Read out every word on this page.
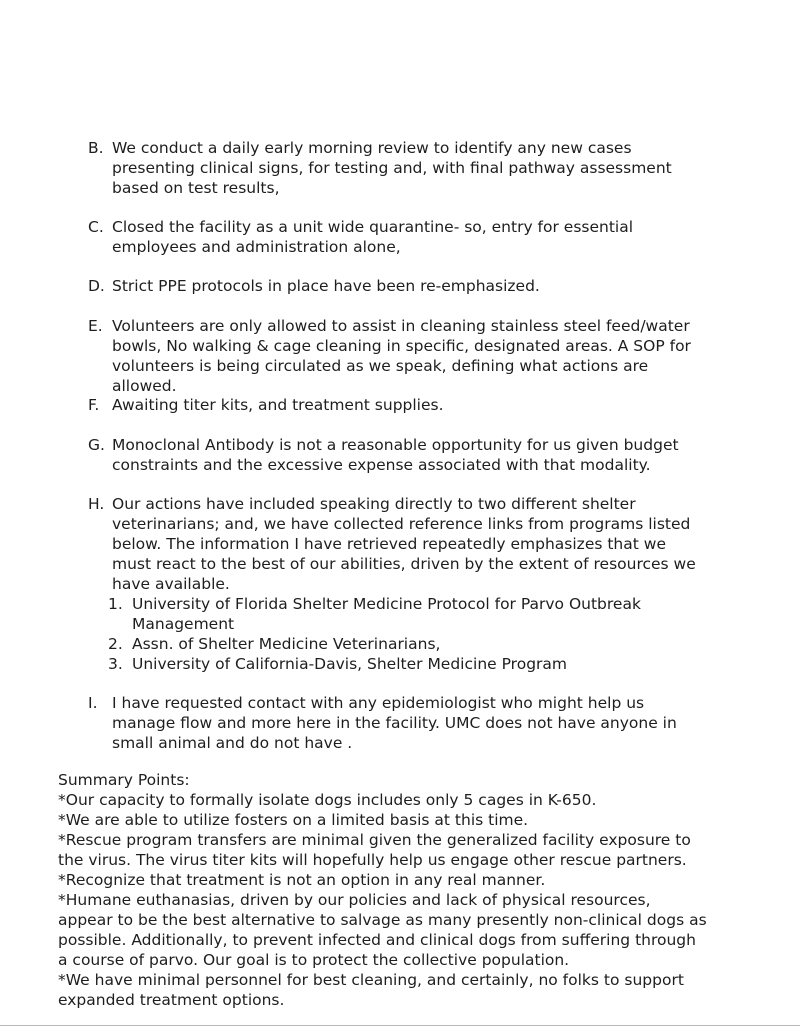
B. We conduct a daily early morning review to identify any new cases presenting clinical signs, for testing and, with final pathway assessment based on test results,
C. Closed the facility as a unit wide quarantine- so, entry for essential employees and administration alone,
D. Strict PPE protocols in place have been re-emphasized.
E. Volunteers are only allowed to assist in cleaning stainless steel feed/water bowls, No walking & cage cleaning in specific, designated areas. A SOP for volunteers is being circulated as we speak, defining what actions are allowed.
F. Awaiting titer kits, and treatment supplies.
G. Monoclonal Antibody is not a reasonable opportunity for us given budget constraints and the excessive expense associated with that modality.
H. Our actions have included speaking directly to two different shelter veterinarians; and, we have collected reference links from programs listed below. The information I have retrieved repeatedly emphasizes that we must react to the best of our abilities, driven by the extent of resources we have available.
1. University of Florida Shelter Medicine Protocol for Parvo Outbreak Management
2. Assn. of Shelter Medicine Veterinarians,
3. University of California-Davis, Shelter Medicine Program
I. I have requested contact with any epidemiologist who might help us manage flow and more here in the facility. UMC does not have anyone in small animal and do not have .
Summary Points:
*Our capacity to formally isolate dogs includes only 5 cages in K-650.
*We are able to utilize fosters on a limited basis at this time.
*Rescue program transfers are minimal given the generalized facility exposure to the virus. The virus titer kits will hopefully help us engage other rescue partners.
*Recognize that treatment is not an option in any real manner.
*Humane euthanasias, driven by our policies and lack of physical resources, appear to be the best alternative to salvage as many presently non-clinical dogs as possible. Additionally, to prevent infected and clinical dogs from suffering through a course of parvo. Our goal is to protect the collective population.
*We have minimal personnel for best cleaning, and certainly, no folks to support expanded treatment options.
